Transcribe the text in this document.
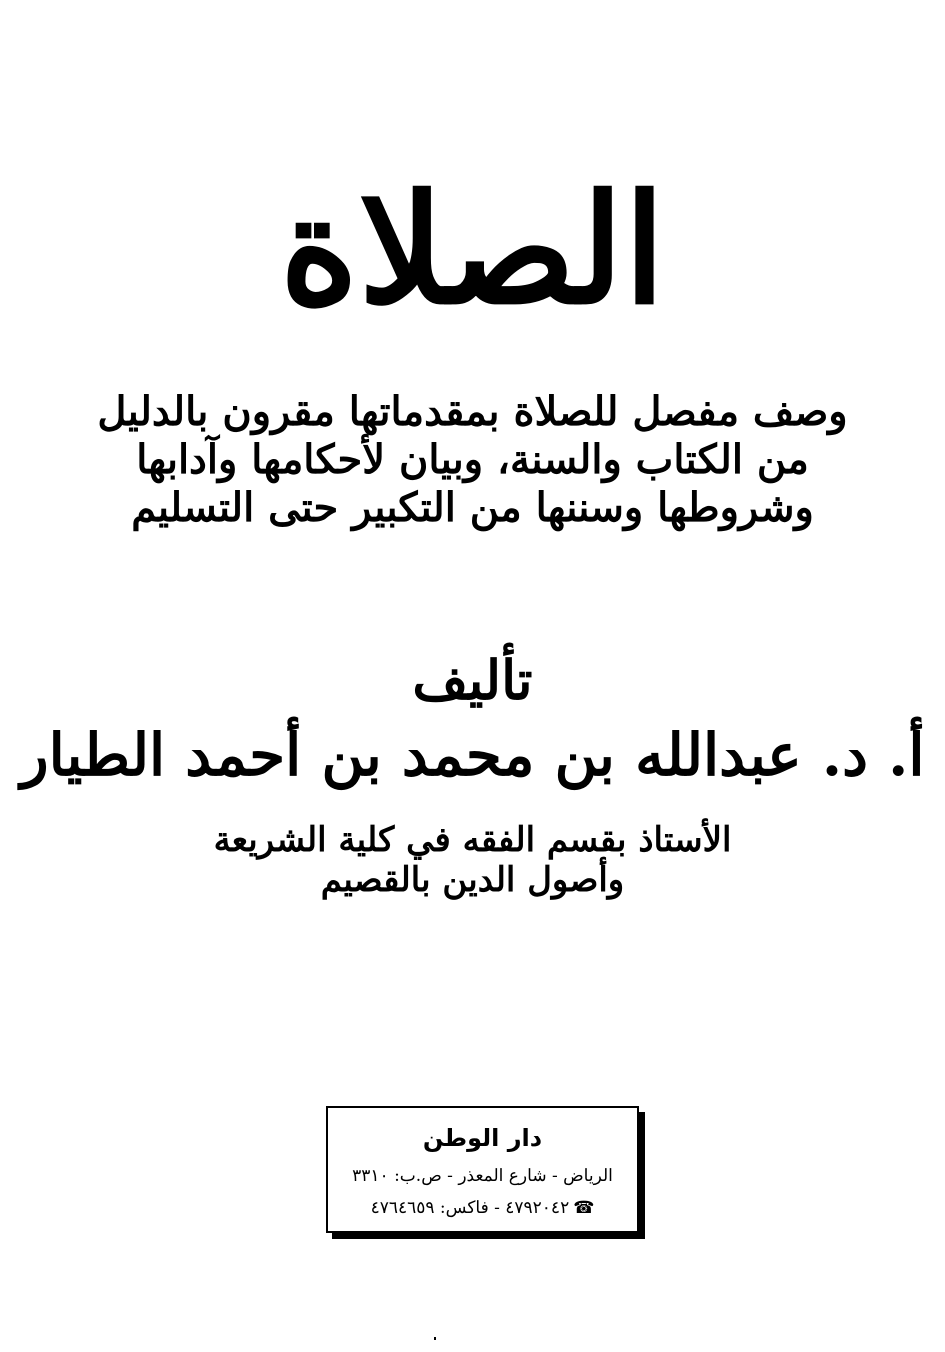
الصلاة
وصف مفصل للصلاة بمقدماتها مقرون بالدليل
من الكتاب والسنة، وبيان لأحكامها وآدابها
وشروطها وسننها من التكبير حتى التسليم
تأليف
أ. د. عبدالله بن محمد بن أحمد الطيار
الأستاذ بقسم الفقه في كلية الشريعة
وأصول الدين بالقصيم
دار الوطن
الرياض - شارع المعذر - ص.ب: ٣٣١٠
☎٤٧٩٢٠٤٢ - فاكس: ٤٧٦٤٦٥٩
